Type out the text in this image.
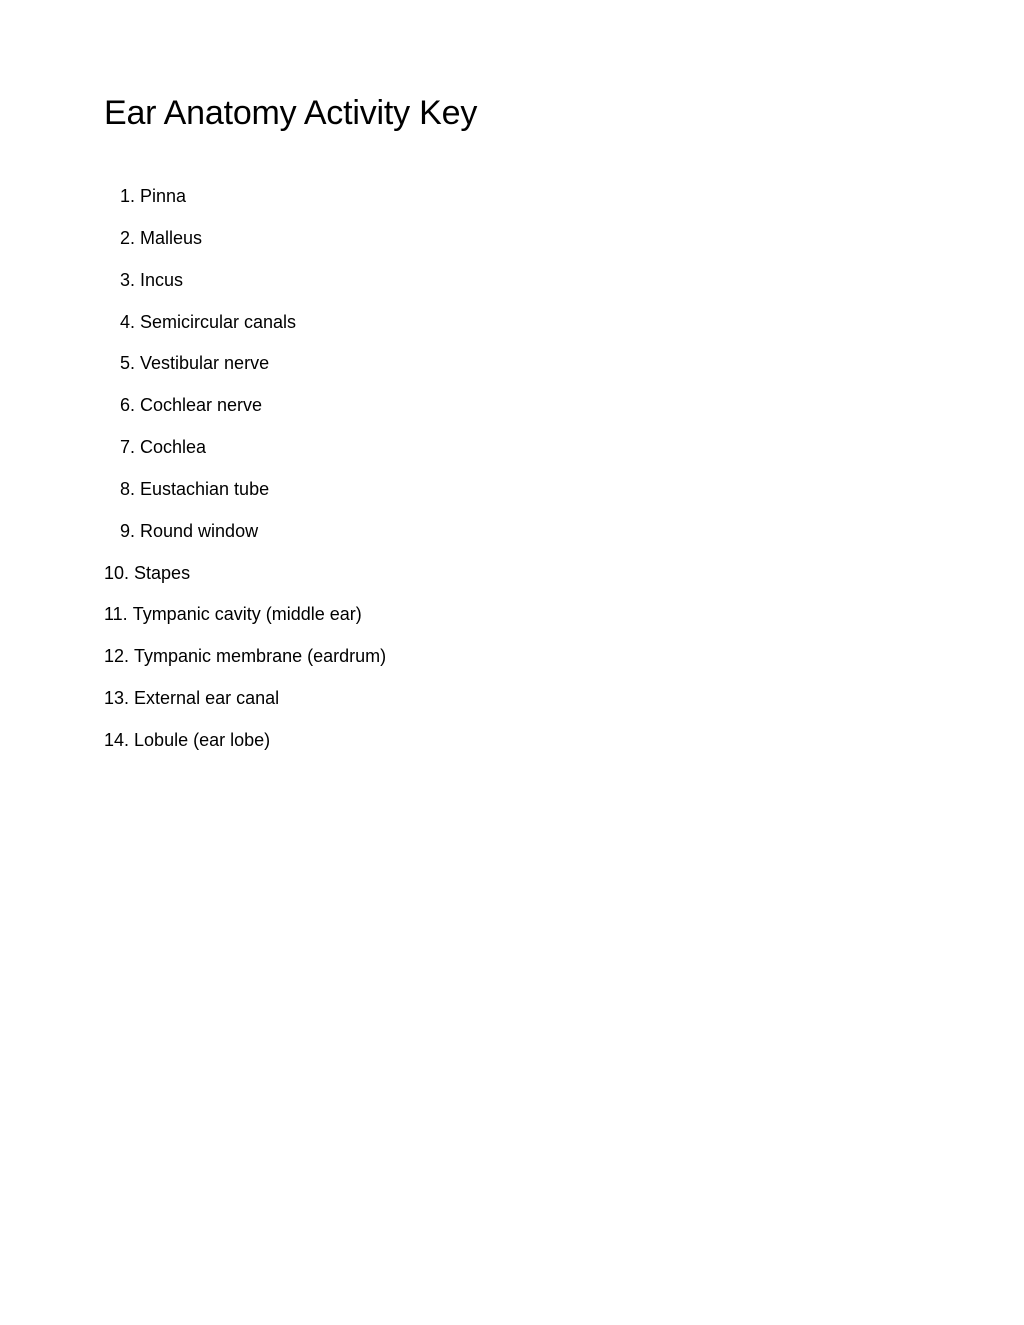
Ear Anatomy Activity Key
1. Pinna
2. Malleus
3. Incus
4. Semicircular canals
5. Vestibular nerve
6. Cochlear nerve
7. Cochlea
8. Eustachian tube
9. Round window
10. Stapes
11. Tympanic cavity (middle ear)
12. Tympanic membrane (eardrum)
13. External ear canal
14. Lobule (ear lobe)
